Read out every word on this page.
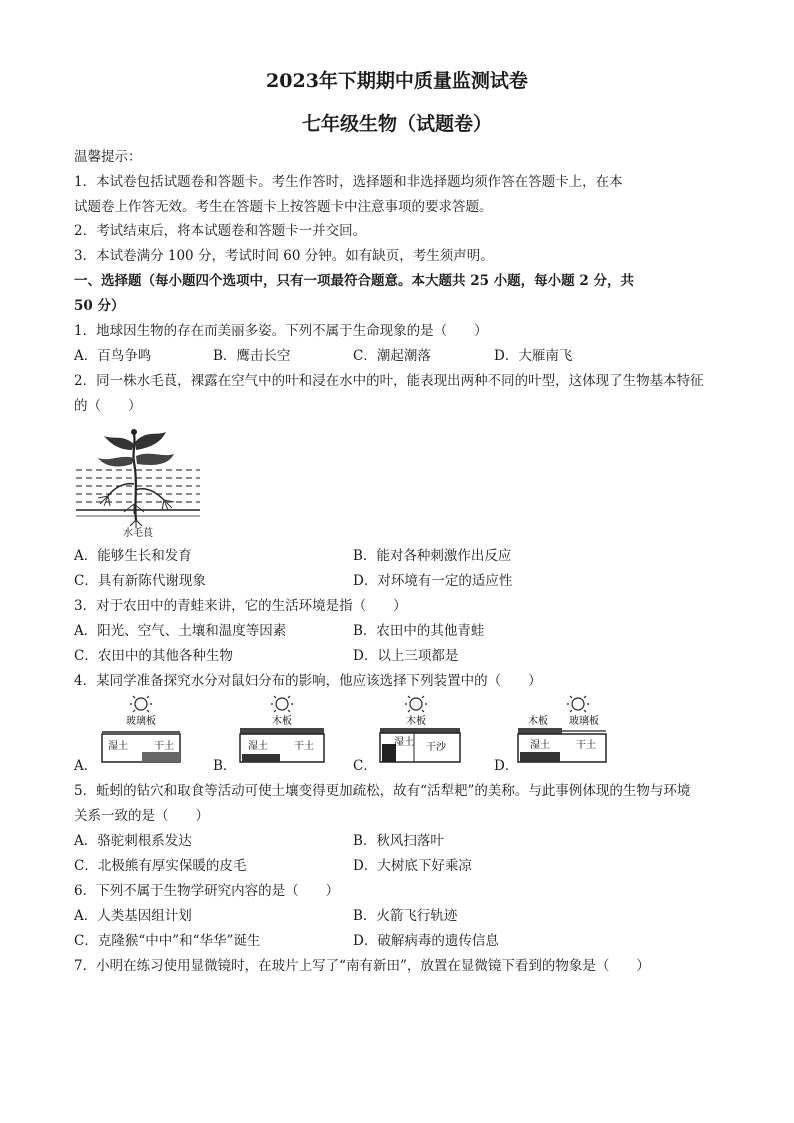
2023年下期期中质量监测试卷
七年级生物（试题卷）
温馨提示：
1．本试卷包括试题卷和答题卡。考生作答时，选择题和非选择题均须作答在答题卡上，在本
试题卷上作答无效。考生在答题卡上按答题卡中注意事项的要求答题。
2．考试结束后，将本试题卷和答题卡一并交回。
3．本试卷满分 100 分，考试时间 60 分钟。如有缺页，考生须声明。
一、选择题（每小题四个选项中，只有一项最符合题意。本大题共 25 小题，每小题 2 分，共
50 分）
1．地球因生物的存在而美丽多姿。下列不属于生命现象的是（　　）
A．百鸟争鸣	B．鹰击长空	C．潮起潮落	D．大雁南飞
2．同一株水毛茛，裸露在空气中的叶和浸在水中的叶，能表现出两种不同的叶型，这体现了生物基本特征
的（　　）
水毛茛
A．能够生长和发育	B．能对各种刺激作出反应
C．具有新陈代谢现象	D．对环境有一定的适应性
3．对于农田中的青蛙来讲，它的生活环境是指（　　）
A．阳光、空气、土壤和温度等因素	B．农田中的其他青蛙
C．农田中的其他各种生物	D．以上三项都是
4．某同学准备探究水分对鼠妇分布的影响，他应该选择下列装置中的（　　）
A．	B．	C．	D．
玻璃板
湿土	干土
木板
湿土	干土
木板
湿土 干沙
木板 玻璃板
湿土	干土
5．蚯蚓的钻穴和取食等活动可使土壤变得更加疏松，故有“活犁耙”的美称。与此事例体现的生物与环境
关系一致的是（　　）
A．骆驼刺根系发达	B．秋风扫落叶
C．北极熊有厚实保暖的皮毛	D．大树底下好乘凉
6．下列不属于生物学研究内容的是（　　）
A．人类基因组计划	B．火箭飞行轨迹
C．克隆猴“中中”和“华华”诞生	D．破解病毒的遗传信息
7．小明在练习使用显微镜时，在玻片上写了“南有新田”，放置在显微镜下看到的物象是（　　）
